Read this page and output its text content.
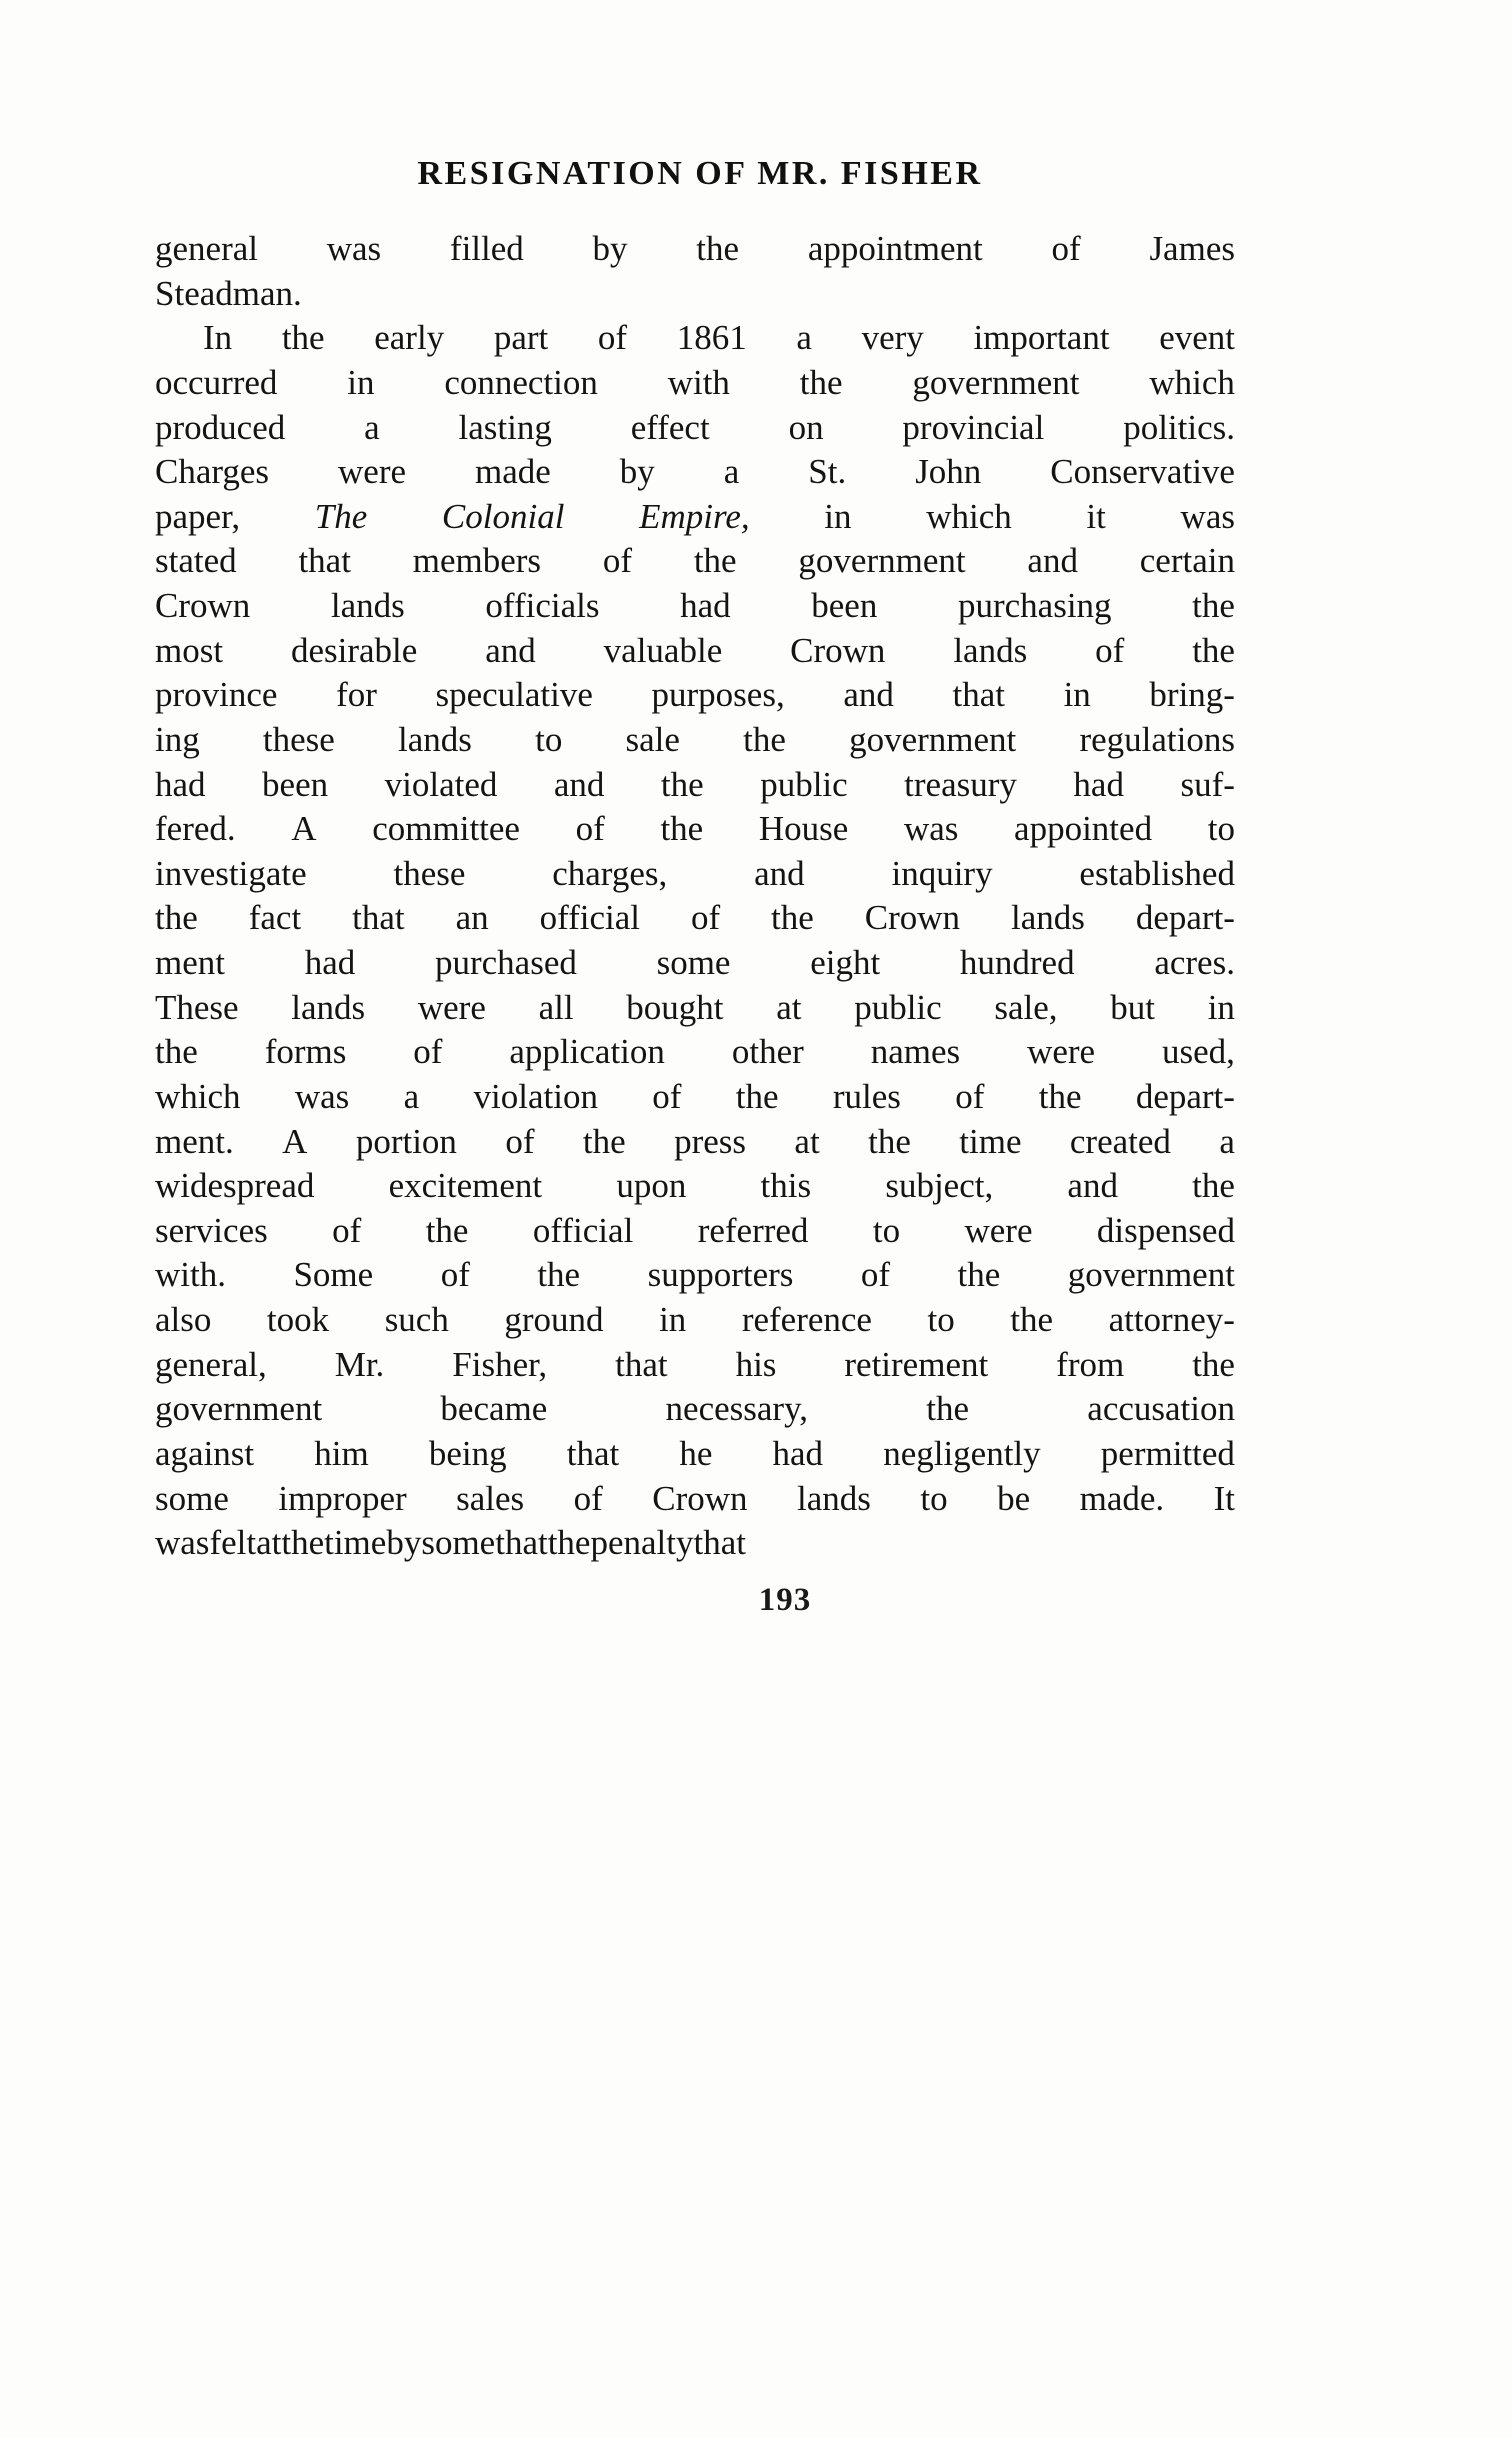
RESIGNATION OF MR. FISHER
general was filled by the appointment of James
Steadman.
In the early part of 1861 a very important event
occurred in connection with the government which
produced a lasting effect on provincial politics.
Charges were made by a St. John Conservative
paper, The Colonial Empire, in which it was
stated that members of the government and certain
Crown lands officials had been purchasing the
most desirable and valuable Crown lands of the
province for speculative purposes, and that in bring-
ing these lands to sale the government regulations
had been violated and the public treasury had suf-
fered. A committee of the House was appointed to
investigate these charges, and inquiry established
the fact that an official of the Crown lands depart-
ment had purchased some eight hundred acres.
These lands were all bought at public sale, but in
the forms of application other names were used,
which was a violation of the rules of the depart-
ment. A portion of the press at the time created a
widespread excitement upon this subject, and the
services of the official referred to were dispensed
with. Some of the supporters of the government
also took such ground in reference to the attorney-
general, Mr. Fisher, that his retirement from the
government	became	necessary,	the	accusation
against him being that he had negligently permitted
some improper sales of Crown lands to be made. It
was felt at the time by some that the penalty that
193
